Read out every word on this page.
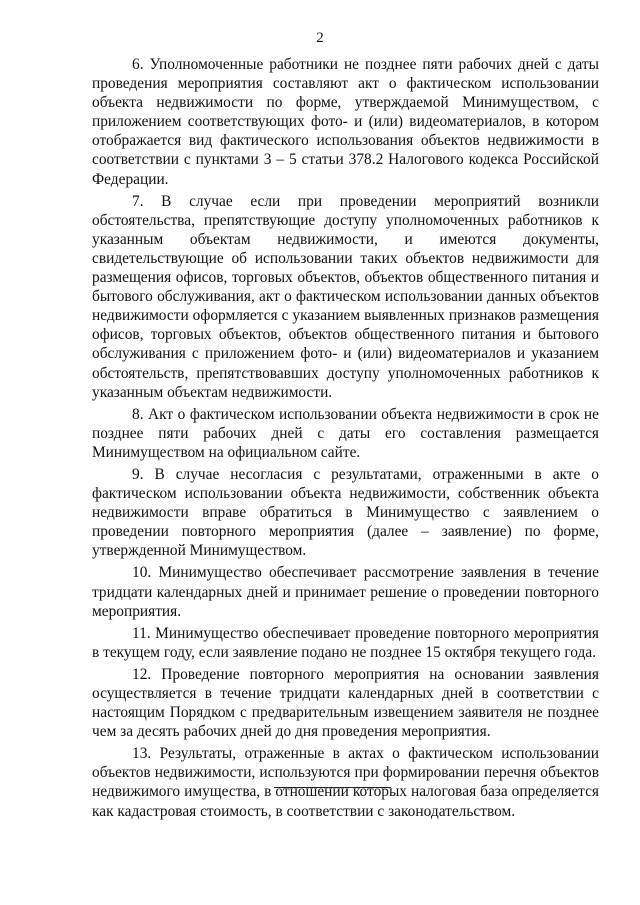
2

6. Уполномоченные работники не позднее пяти рабочих дней с даты проведения мероприятия составляют акт о фактическом использовании объекта недвижимости по форме, утверждаемой Минимуществом, с приложением соответствующих фото- и (или) видеоматериалов, в котором отображается вид фактического использования объектов недвижимости в соответствии с пунктами 3 – 5 статьи 378.2 Налогового кодекса Российской Федерации.

7. В случае если при проведении мероприятий возникли обстоятельства, препятствующие доступу уполномоченных работников к указанным объектам недвижимости, и имеются документы, свидетельствующие об использовании таких объектов недвижимости для размещения офисов, торговых объектов, объектов общественного питания и бытового обслуживания, акт о фактическом использовании данных объектов недвижимости оформляется с указанием выявленных признаков размещения офисов, торговых объектов, объектов общественного питания и бытового обслуживания с приложением фото- и (или) видеоматериалов и указанием обстоятельств, препятствовавших доступу уполномоченных работников к указанным объектам недвижимости.

8. Акт о фактическом использовании объекта недвижимости в срок не позднее пяти рабочих дней с даты его составления размещается Минимуществом на официальном сайте.

9. В случае несогласия с результатами, отраженными в акте о фактическом использовании объекта недвижимости, собственник объекта недвижимости вправе обратиться в Минимущество с заявлением о проведении повторного мероприятия (далее – заявление) по форме, утвержденной Минимуществом.

10. Минимущество обеспечивает рассмотрение заявления в течение тридцати календарных дней и принимает решение о проведении повторного мероприятия.

11. Минимущество обеспечивает проведение повторного мероприятия в текущем году, если заявление подано не позднее 15 октября текущего года.

12. Проведение повторного мероприятия на основании заявления осуществляется в течение тридцати календарных дней в соответствии с настоящим Порядком с предварительным извещением заявителя не позднее чем за десять рабочих дней до дня проведения мероприятия.

13. Результаты, отраженные в актах о фактическом использовании объектов недвижимости, используются при формировании перечня объектов недвижимого имущества, в отношении которых налоговая база определяется как кадастровая стоимость, в соответствии с законодательством.
